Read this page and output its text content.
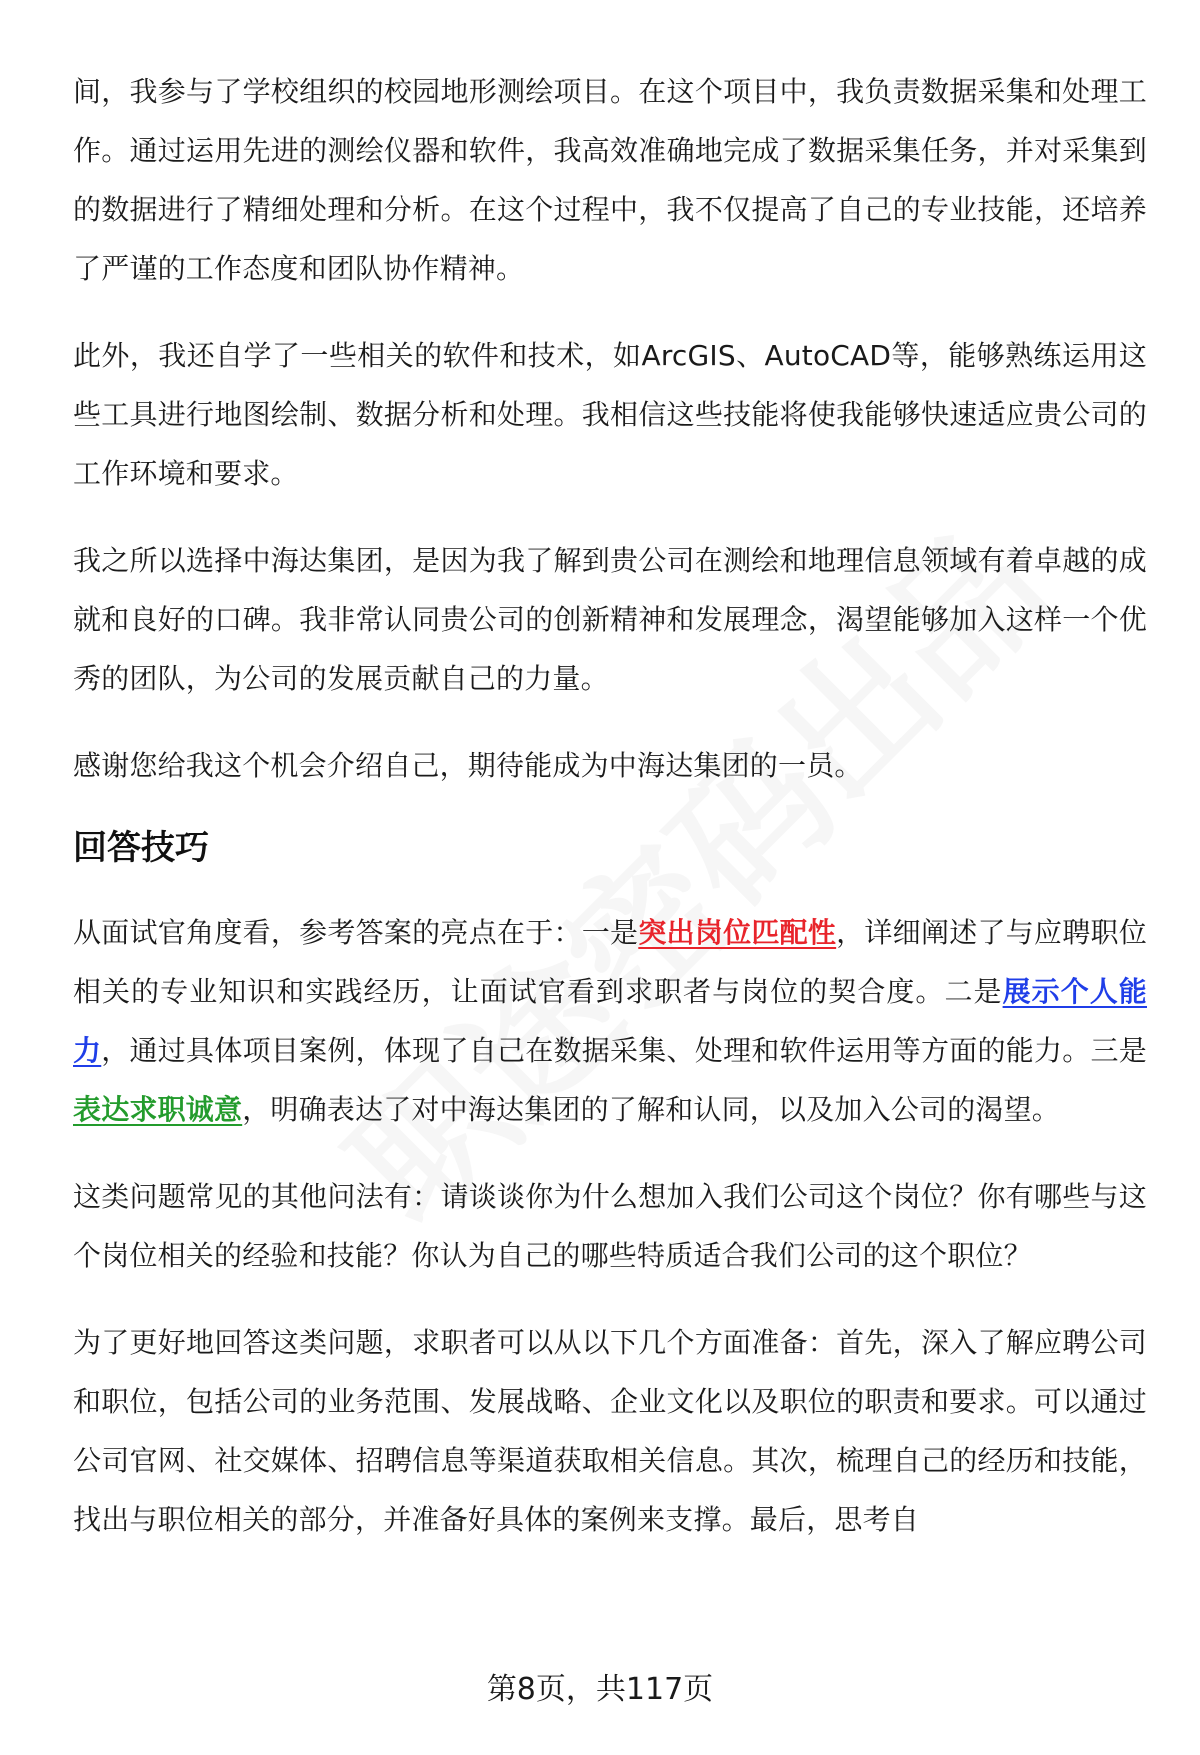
间，我参与了学校组织的校园地形测绘项目。在这个项目中，我负责数据采集和处理工作。通过运用先进的测绘仪器和软件，我高效准确地完成了数据采集任务，并对采集到的数据进行了精细处理和分析。在这个过程中，我不仅提高了自己的专业技能，还培养了严谨的工作态度和团队协作精神。

此外，我还自学了一些相关的软件和技术，如ArcGIS、AutoCAD等，能够熟练运用这些工具进行地图绘制、数据分析和处理。我相信这些技能将使我能够快速适应贵公司的工作环境和要求。

我之所以选择中海达集团，是因为我了解到贵公司在测绘和地理信息领域有着卓越的成就和良好的口碑。我非常认同贵公司的创新精神和发展理念，渴望能够加入这样一个优秀的团队，为公司的发展贡献自己的力量。

感谢您给我这个机会介绍自己，期待能成为中海达集团的一员。

回答技巧

从面试官角度看，参考答案的亮点在于：一是突出岗位匹配性，详细阐述了与应聘职位相关的专业知识和实践经历，让面试官看到求职者与岗位的契合度。二是展示个人能力，通过具体项目案例，体现了自己在数据采集、处理和软件运用等方面的能力。三是表达求职诚意，明确表达了对中海达集团的了解和认同，以及加入公司的渴望。

这类问题常见的其他问法有：请谈谈你为什么想加入我们公司这个岗位？你有哪些与这个岗位相关的经验和技能？你认为自己的哪些特质适合我们公司的这个职位？

为了更好地回答这类问题，求职者可以从以下几个方面准备：首先，深入了解应聘公司和职位，包括公司的业务范围、发展战略、企业文化以及职位的职责和要求。可以通过公司官网、社交媒体、招聘信息等渠道获取相关信息。其次，梳理自己的经历和技能，找出与职位相关的部分，并准备好具体的案例来支撑。最后，思考自

第8页，共117页
